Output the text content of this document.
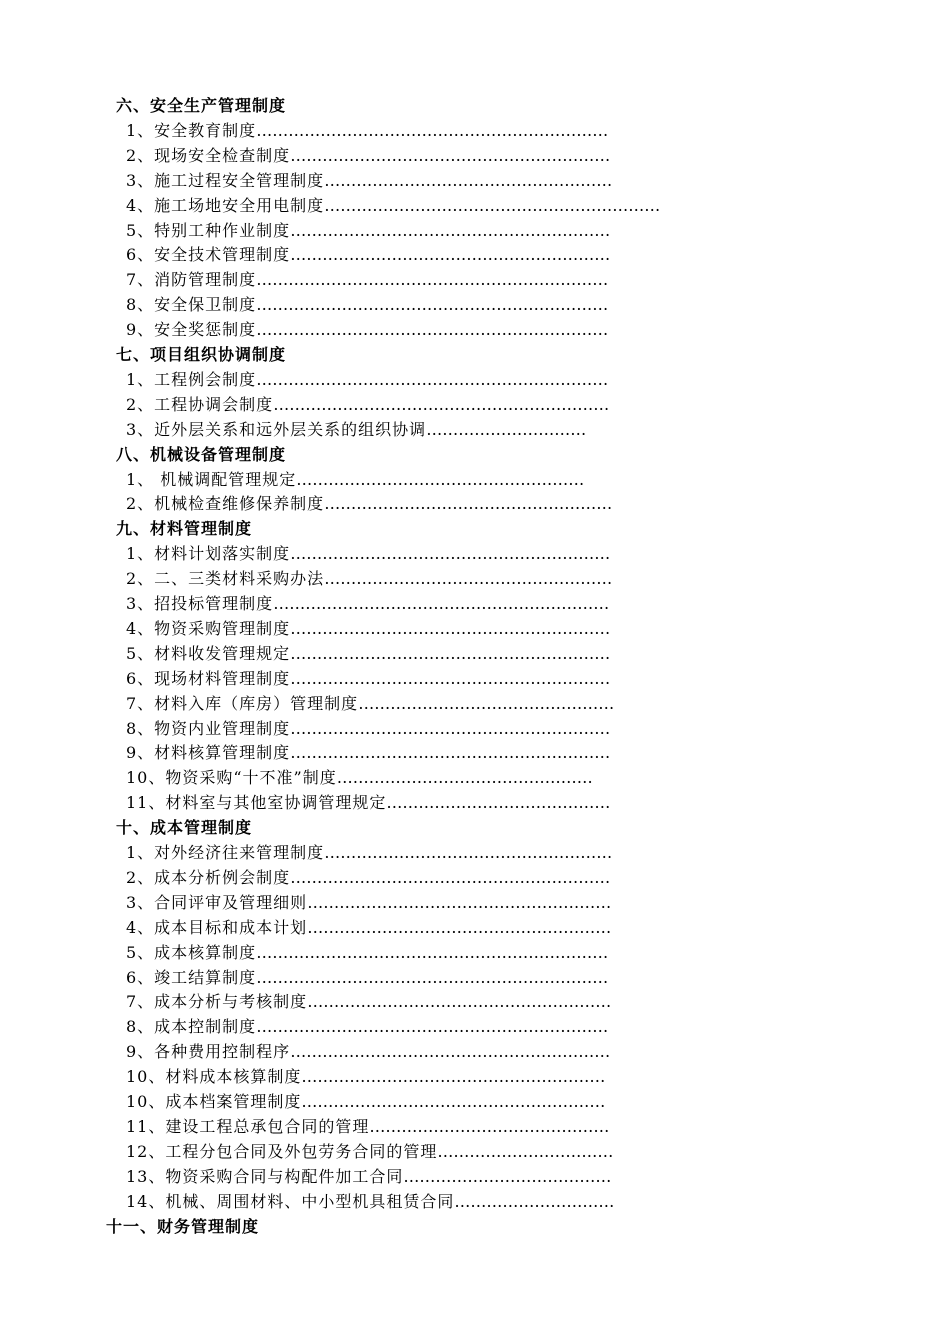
六、安全生产管理制度
1、安全教育制度…………………………………………………………
2、现场安全检查制度……………………………………………………
3、施工过程安全管理制度………………………………………………
4、施工场地安全用电制度………………………………………………………
5、特别工种作业制度……………………………………………………
6、安全技术管理制度……………………………………………………
7、消防管理制度…………………………………………………………
8、安全保卫制度…………………………………………………………
9、安全奖惩制度…………………………………………………………
七、项目组织协调制度
1、工程例会制度…………………………………………………………
2、工程协调会制度………………………………………………………
3、近外层关系和远外层关系的组织协调…………………………
八、机械设备管理制度
1、 机械调配管理规定………………………………………………
2、机械检查维修保养制度………………………………………………
九、材料管理制度
1、材料计划落实制度……………………………………………………
2、二、三类材料采购办法………………………………………………
3、招投标管理制度………………………………………………………
4、物资采购管理制度……………………………………………………
5、材料收发管理规定……………………………………………………
6、现场材料管理制度……………………………………………………
7、材料入库（库房）管理制度…………………………………………
8、物资内业管理制度……………………………………………………
9、材料核算管理制度……………………………………………………
10、物资采购“十不准”制度…………………………………………
11、材料室与其他室协调管理规定……………………………………
十、成本管理制度
1、对外经济往来管理制度………………………………………………
2、成本分析例会制度……………………………………………………
3、合同评审及管理细则…………………………………………………
4、成本目标和成本计划…………………………………………………
5、成本核算制度…………………………………………………………
6、竣工结算制度…………………………………………………………
7、成本分析与考核制度…………………………………………………
8、成本控制制度…………………………………………………………
9、各种费用控制程序……………………………………………………
10、材料成本核算制度…………………………………………………
10、成本档案管理制度…………………………………………………
11、建设工程总承包合同的管理………………………………………
12、工程分包合同及外包劳务合同的管理……………………………
13、物资采购合同与构配件加工合同…………………………………
14、机械、周围材料、中小型机具租赁合同…………………………
十一、财务管理制度
